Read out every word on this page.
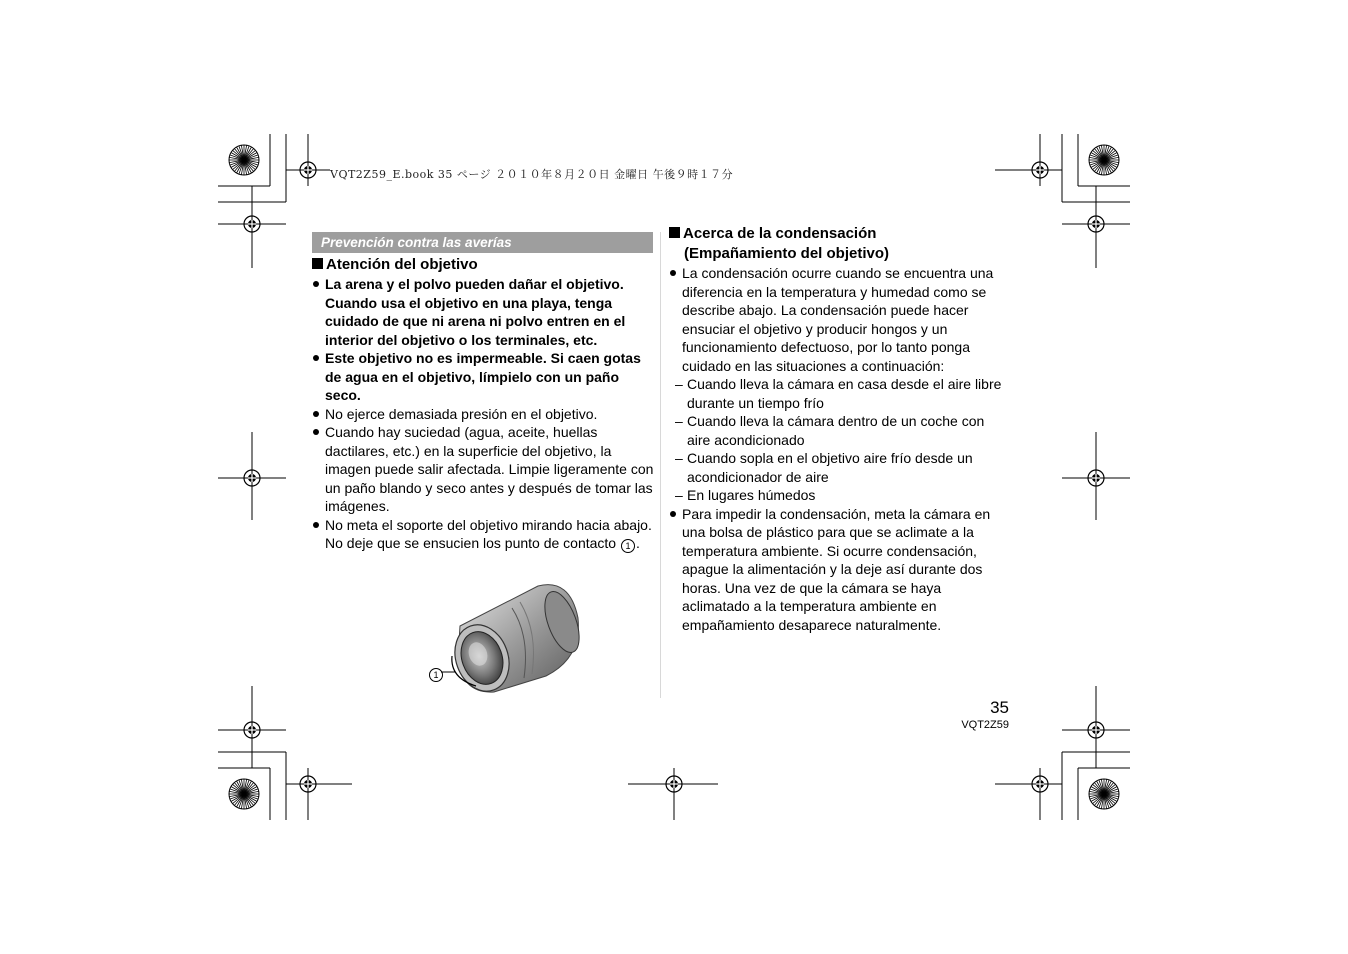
VQT2Z59_E.book 35 ページ ２０１０年８月２０日 金曜日 午後９時１７分
Prevención contra las averías
Atención del objetivo

La arena y el polvo pueden dañar el objetivo. Cuando usa el objetivo en una playa, tenga cuidado de que ni arena ni polvo entren en el interior del objetivo o los terminales, etc.

Este objetivo no es impermeable. Si caen gotas de agua en el objetivo, límpielo con un paño seco.

No ejerce demasiada presión en el objetivo.

Cuando hay suciedad (agua, aceite, huellas dactilares, etc.) en la superficie del objetivo, la imagen puede salir afectada. Limpie ligeramente con un paño blando y seco antes y después de tomar las imágenes.

No meta el soporte del objetivo mirando hacia abajo. No deje que se ensucien los punto de contacto 1 .

1
Acerca de la condensación
(Empañamiento del objetivo)

La condensación ocurre cuando se encuentra una diferencia en la temperatura y humedad como se describe abajo. La condensación puede hacer ensuciar el objetivo y producir hongos y un funcionamiento defectuoso, por lo tanto ponga cuidado en las situaciones a continuación:

– Cuando lleva la cámara en casa desde el aire libre durante un tiempo frío

– Cuando lleva la cámara dentro de un coche con aire acondicionado

– Cuando sopla en el objetivo aire frío desde un acondicionador de aire

– En lugares húmedos

Para impedir la condensación, meta la cámara en una bolsa de plástico para que se aclimate a la temperatura ambiente. Si ocurre condensación, apague la alimentación y la deje así durante dos horas. Una vez de que la cámara se haya aclimatado a la temperatura ambiente en empañamiento desaparece naturalmente.

35
VQT2Z59
